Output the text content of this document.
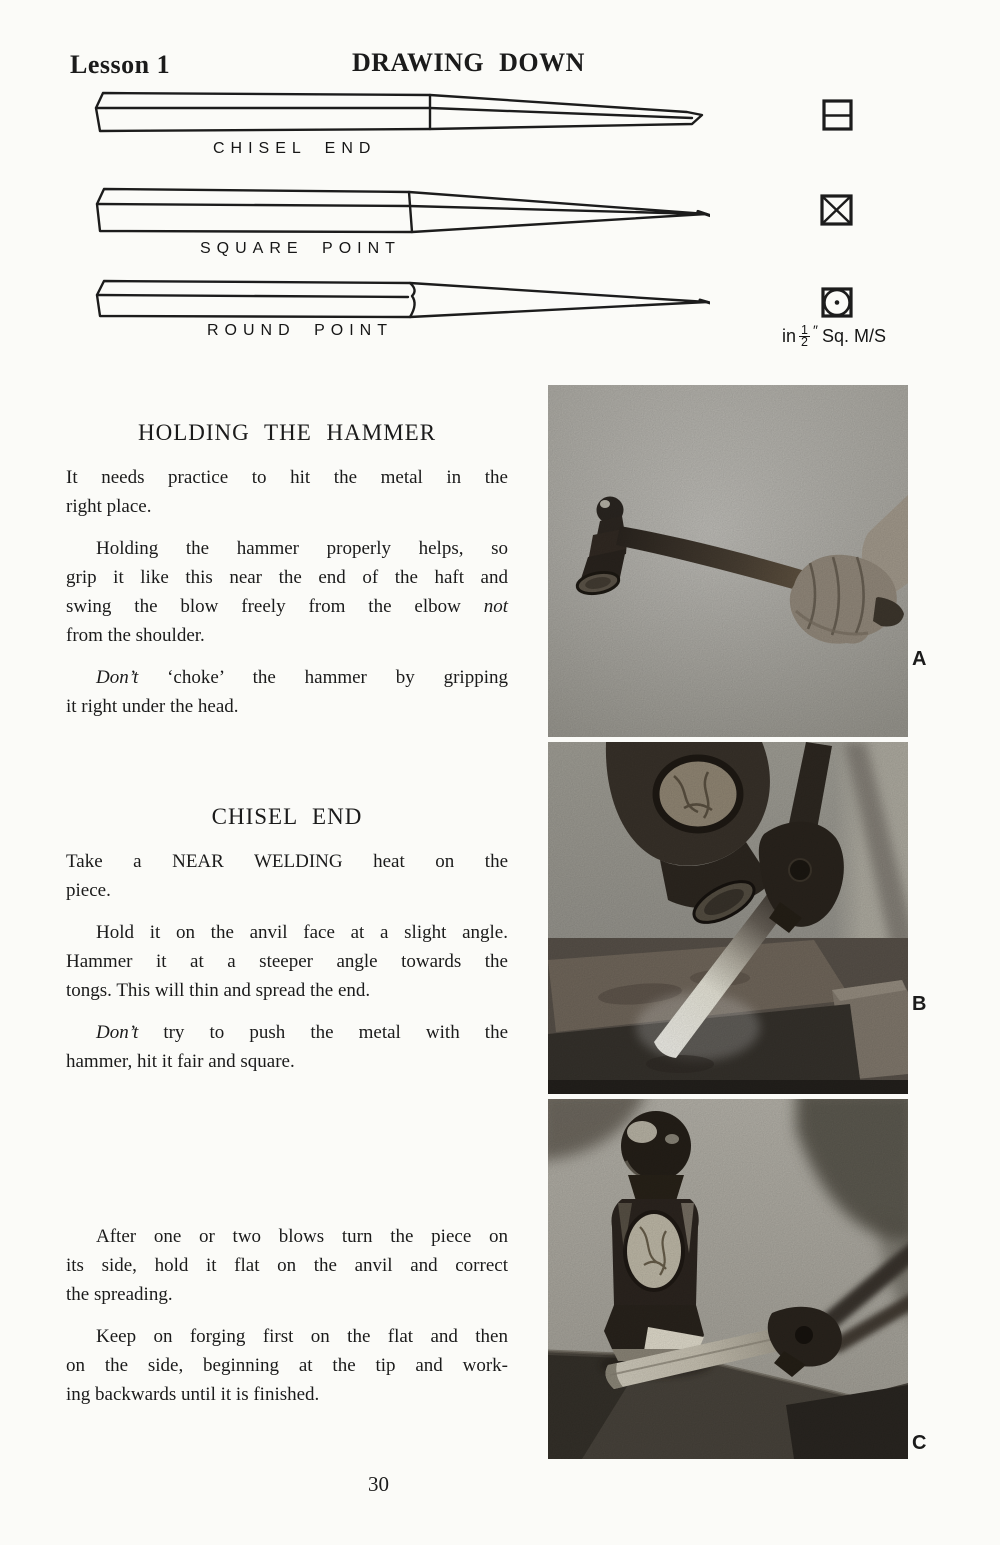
Lesson 1	DRAWING DOWN
CHISEL END
SQUARE POINT
ROUND POINT	in $\frac{1}{2}$ ″ Sq. M/S
HOLDING THE HAMMER
It needs practice to hit the metal in the
right place.
Holding the hammer properly helps, so
grip it like this near the end of the haft and
swing the blow freely from the elbow not
from the shoulder.
Don’t ‘choke’ the hammer by gripping
it right under the head.
CHISEL END
Take a NEAR WELDING heat on the
piece.
Hold it on the anvil face at a slight angle.
Hammer it at a steeper angle towards the
tongs. This will thin and spread the end.
Don’t try to push the metal with the
hammer, hit it fair and square.
After one or two blows turn the piece on
its side, hold it flat on the anvil and correct
the spreading.
Keep on forging first on the flat and then
on the side, beginning at the tip and work-
ing backwards until it is finished.
A
B
C
30
